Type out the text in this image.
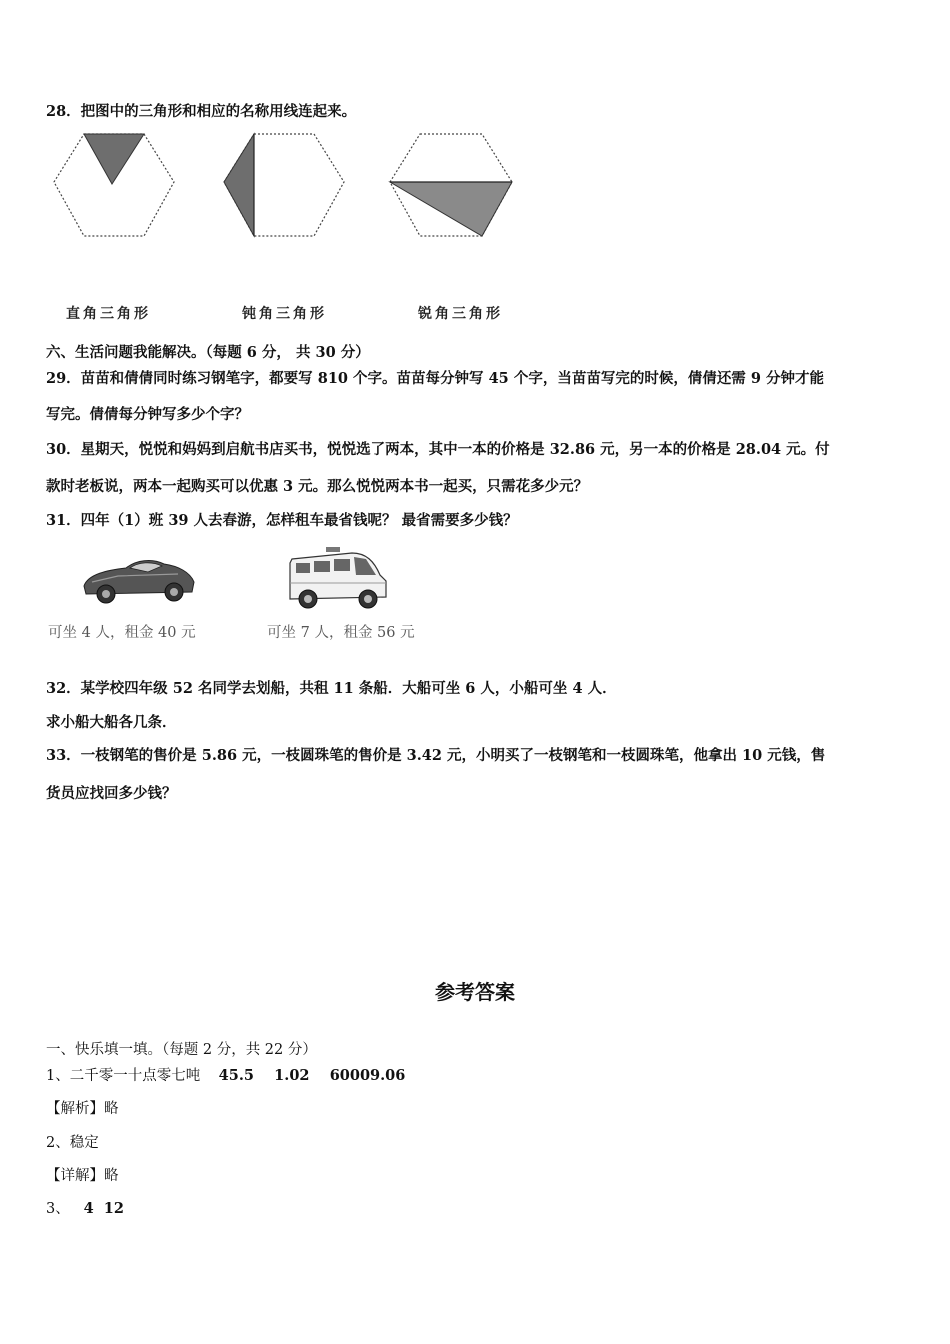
28．把图中的三角形和相应的名称用线连起来。
直角三角形	钝角三角形	锐角三角形
六、生活问题我能解决。（每题 6 分， 共 30 分）
29．苗苗和倩倩同时练习钢笔字，都要写 810 个字。苗苗每分钟写 45 个字，当苗苗写完的时候，倩倩还需 9 分钟才能
写完。倩倩每分钟写多少个字？
30．星期天，悦悦和妈妈到启航书店买书，悦悦选了两本，其中一本的价格是 32.86 元，另一本的价格是 28.04 元。付
款时老板说，两本一起购买可以优惠 3 元。那么悦悦两本书一起买，只需花多少元？
31．四年（1）班 39 人去春游，怎样租车最省钱呢？ 最省需要多少钱？
可坐 4 人，租金 40 元	可坐 7 人，租金 56 元
32．某学校四年级 52 名同学去划船，共租 11 条船．大船可坐 6 人，小船可坐 4 人．
求小船大船各几条．
33．一枝钢笔的售价是 5.86 元，一枝圆珠笔的售价是 3.42 元，小明买了一枝钢笔和一枝圆珠笔，他拿出 10 元钱，售
货员应找回多少钱？
参考答案
一、快乐填一填。（每题 2 分，共 22 分）
1、二千零一十点零七吨 45.5    1.02    60009.06
【解析】略
2、稳定
【详解】略
3、 4  12
